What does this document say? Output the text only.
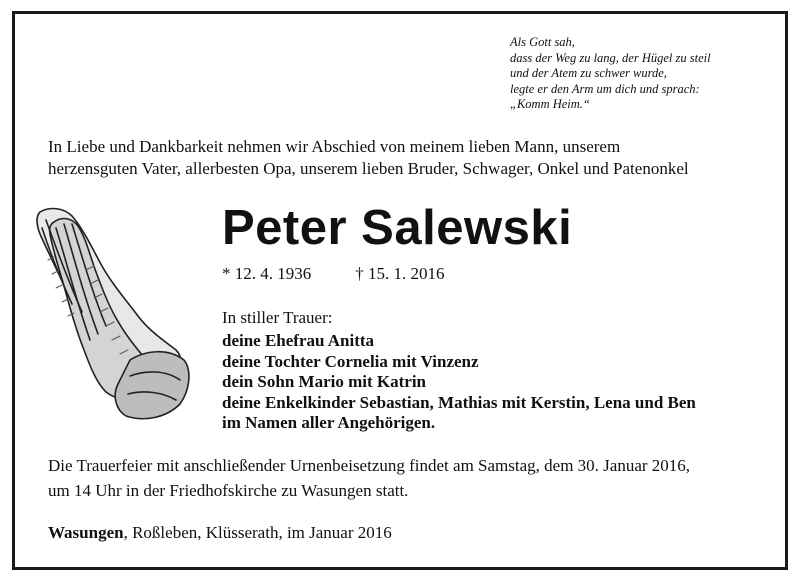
Als Gott sah,
dass der Weg zu lang, der Hügel zu steil
und der Atem zu schwer wurde,
legte er den Arm um dich und sprach:
„Komm Heim.“
In Liebe und Dankbarkeit nehmen wir Abschied von meinem lieben Mann, unserem
herzensguten Vater, allerbesten Opa, unserem lieben Bruder, Schwager, Onkel und Patenonkel
Peter Salewski
* 12. 4. 1936	† 15. 1. 2016
In stiller Trauer:
deine Ehefrau Anitta
deine Tochter Cornelia mit Vinzenz
dein Sohn Mario mit Katrin
deine Enkelkinder Sebastian, Mathias mit Kerstin, Lena und Ben
im Namen aller Angehörigen.
Die Trauerfeier mit anschließender Urnenbeisetzung findet am Samstag, dem 30. Januar 2016,
um 14 Uhr in der Friedhofskirche zu Wasungen statt.
Wasungen, Roßleben, Klüsserath, im Januar 2016
